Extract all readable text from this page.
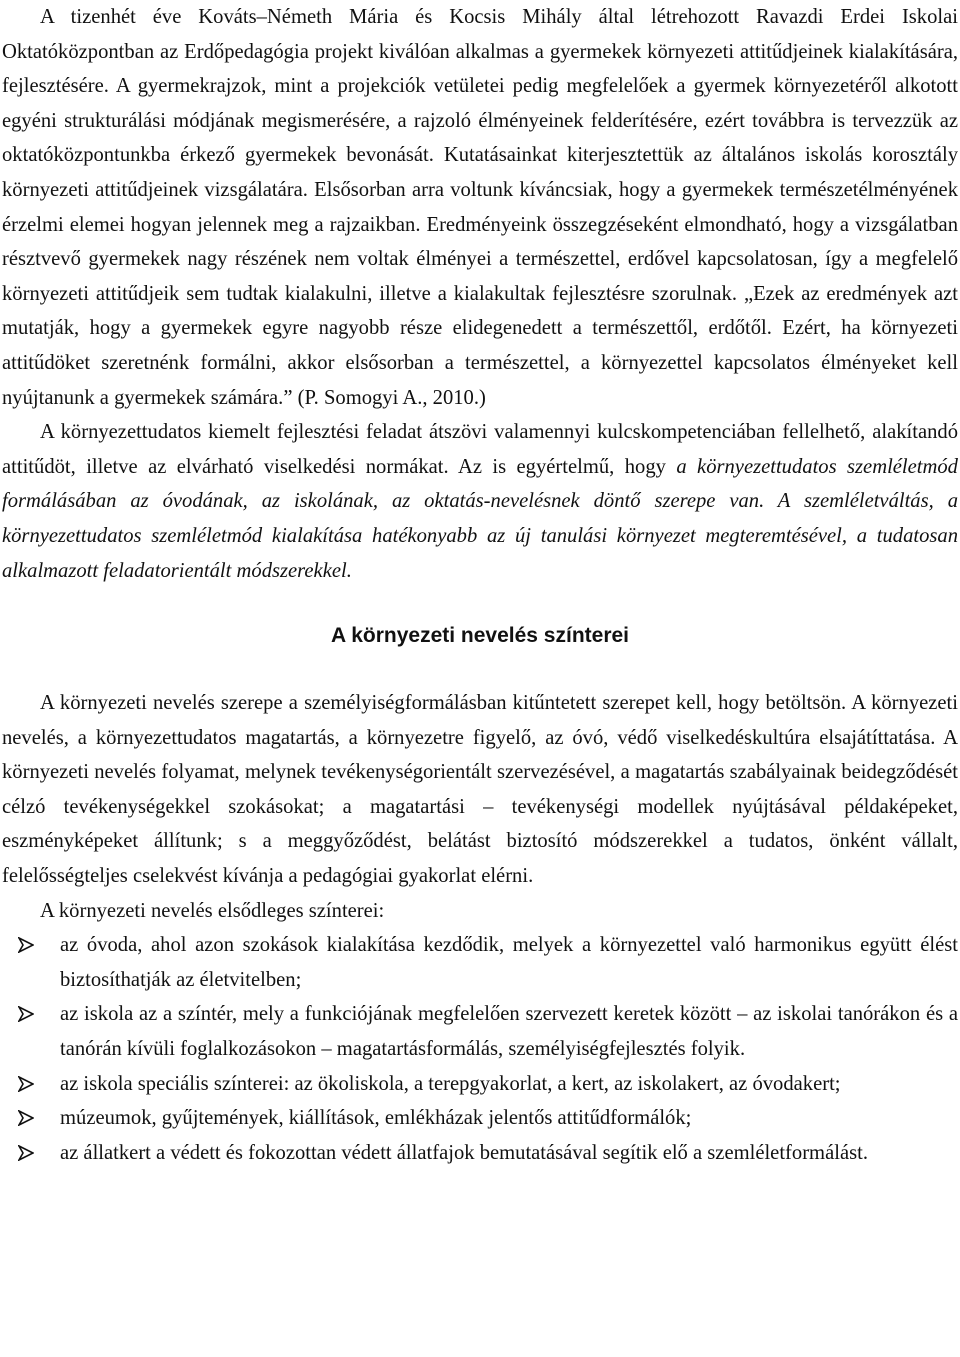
A tizenhét éve Kováts–Németh Mária és Kocsis Mihály által létrehozott Ravazdi Erdei Iskolai Oktatóközpontban az Erdőpedagógia projekt kiválóan alkalmas a gyermekek környezeti attitűdjeinek kialakítására, fejlesztésére. A gyermekrajzok, mint a projekciók vetületei pedig megfelelőek a gyermek környezetéről alkotott egyéni strukturálási módjának megismerésére, a rajzoló élményeinek felderítésére, ezért továbbra is tervezzük az oktatóközpontunkba érkező gyermekek bevonását. Kutatásainkat kiterjesztettük az általános iskolás korosztály környezeti attitűdjeinek vizsgálatára. Elsősorban arra voltunk kíváncsiak, hogy a gyermekek természetélményének érzelmi elemei hogyan jelennek meg a rajzaikban. Eredményeink összegzéseként elmondható, hogy a vizsgálatban résztvevő gyermekek nagy részének nem voltak élményei a természettel, erdővel kapcsolatosan, így a megfelelő környezeti attitűdjeik sem tudtak kialakulni, illetve a kialakultak fejlesztésre szorulnak. „Ezek az eredmények azt mutatják, hogy a gyermekek egyre nagyobb része elidegenedett a természettől, erdőtől. Ezért, ha környezeti attitűdöket szeretnénk formálni, akkor elsősorban a természettel, a környezettel kapcsolatos élményeket kell nyújtanunk a gyermekek számára.” (P. Somogyi A., 2010.)

A környezettudatos kiemelt fejlesztési feladat átszövi valamennyi kulcskompetenciában fellelhető, alakítandó attitűdöt, illetve az elvárható viselkedési normákat. Az is egyértelmű, hogy a környezettudatos szemléletmód formálásában az óvodának, az iskolának, az oktatás-nevelésnek döntő szerepe van. A szemléletváltás, a környezettudatos szemléletmód kialakítása hatékonyabb az új tanulási környezet megteremtésével, a tudatosan alkalmazott feladatorientált módszerekkel.

A környezeti nevelés színterei

A környezeti nevelés szerepe a személyiségformálásban kitűntetett szerepet kell, hogy betöltsön. A környezeti nevelés, a környezettudatos magatartás, a környezetre figyelő, az óvó, védő viselkedéskultúra elsajátíttatása. A környezeti nevelés folyamat, melynek tevékenységorientált szervezésével, a magatartás szabályainak beidegződését célzó tevékenységekkel szokásokat; a magatartási – tevékenységi modellek nyújtásával példaképeket, eszményképeket állítunk; s a meggyőződést, belátást biztosító módszerekkel a tudatos, önként vállalt, felelősségteljes cselekvést kívánja a pedagógiai gyakorlat elérni.

A környezeti nevelés elsődleges színterei:

az óvoda, ahol azon szokások kialakítása kezdődik, melyek a környezettel való harmonikus együtt élést biztosíthatják az életvitelben;
az iskola az a színtér, mely a funkciójának megfelelően szervezett keretek között – az iskolai tanórákon és a tanórán kívüli foglalkozásokon – magatartásformálás, személyiségfejlesztés folyik.
az iskola speciális színterei: az ökoliskola, a terepgyakorlat, a kert, az iskolakert, az óvodakert;
múzeumok, gyűjtemények, kiállítások, emlékházak jelentős attitűdformálók;
az állatkert a védett és fokozottan védett állatfajok bemutatásával segítik elő a szemléletformálást.
